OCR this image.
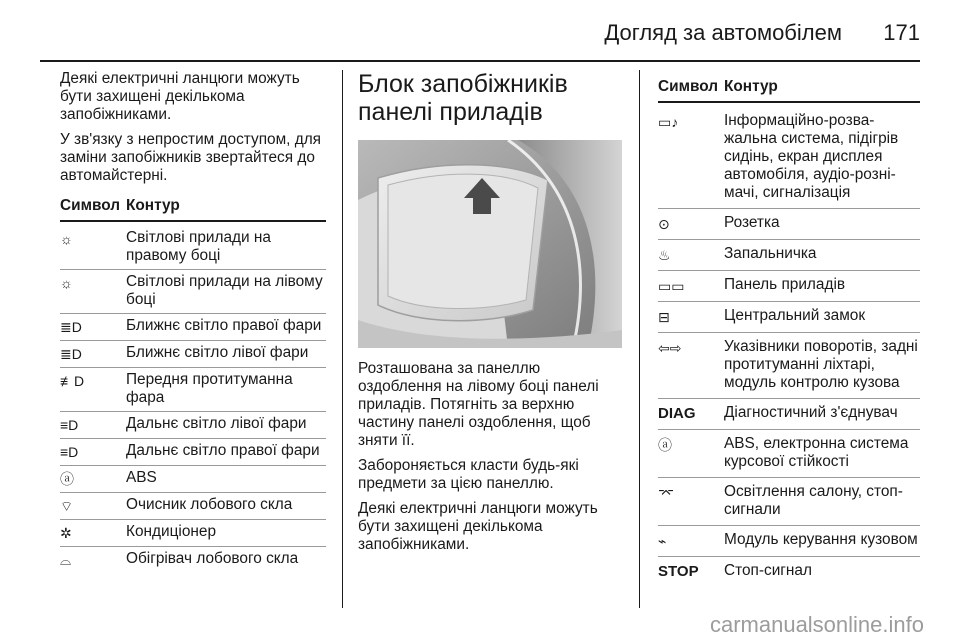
Догляд за автомобілем 171

Деякі електричні ланцюги можуть бути захищені декількома запобіжниками.

У зв'язку з непростим доступом, для заміни запобіжників звертайтеся до автомайстерні.

Символ Контур
☼	Світлові прилади на правому боці
☼	Світлові прилади на лівому боці
≣D	Ближнє світло правої фари
≣D	Ближнє світло лівої фари
≢D	Передня протитуманна фара
≡D	Дальнє світло лівої фари
≡D	Дальнє світло правої фари
ⓐ	ABS
⌔	Очисник лобового скла
✲	Кондиціонер
⌓	Обігрівач лобового скла
Блок запобіжників панелі приладів

Розташована за панеллю оздоблення на лівому боці панелі приладів. Потягніть за верхню частину панелі оздоблення, щоб зняти її.

Забороняється класти будь-які предмети за цією панеллю.

Деякі електричні ланцюги можуть бути захищені декількома запобіжниками.

Символ Контур
▭♪	Інформаційно-розва-жальна система, підігрів сидінь, екран дисплея автомобіля, аудіо-розні-мачі, сигналізація
⊙	Розетка
♨	Запальничка
▭▭	Панель приладів
⊟	Центральний замок
⇦⇨	Указівники поворотів, задні протитуманні ліхтарі, модуль контролю кузова
DIAG	Діагностичний з'єднувач
ⓐ	ABS, електронна система курсової стійкості
⌤	Освітлення салону, стоп-сигнали
⌁	Модуль керування кузовом
STOP	Стоп-сигнал
carmanualsonline.info
